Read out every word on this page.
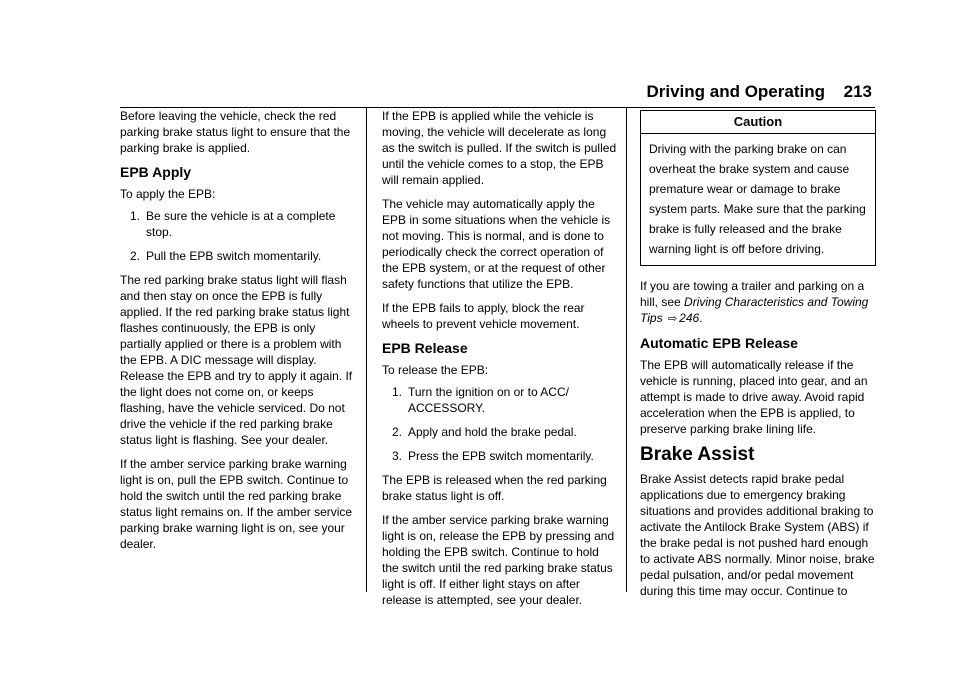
Driving and Operating 213

Before leaving the vehicle, check the red parking brake status light to ensure that the parking brake is applied.

EPB Apply

To apply the EPB:

1. Be sure the vehicle is at a complete stop.
2. Pull the EPB switch momentarily.

The red parking brake status light will flash and then stay on once the EPB is fully applied. If the red parking brake status light flashes continuously, the EPB is only partially applied or there is a problem with the EPB. A DIC message will display. Release the EPB and try to apply it again. If the light does not come on, or keeps flashing, have the vehicle serviced. Do not drive the vehicle if the red parking brake status light is flashing. See your dealer.

If the amber service parking brake warning light is on, pull the EPB switch. Continue to hold the switch until the red parking brake status light remains on. If the amber service parking brake warning light is on, see your dealer.

If the EPB is applied while the vehicle is moving, the vehicle will decelerate as long as the switch is pulled. If the switch is pulled until the vehicle comes to a stop, the EPB will remain applied.

The vehicle may automatically apply the EPB in some situations when the vehicle is not moving. This is normal, and is done to periodically check the correct operation of the EPB system, or at the request of other safety functions that utilize the EPB.

If the EPB fails to apply, block the rear wheels to prevent vehicle movement.

EPB Release

To release the EPB:

1. Turn the ignition on or to ACC/ ACCESSORY.
2. Apply and hold the brake pedal.
3. Press the EPB switch momentarily.

The EPB is released when the red parking brake status light is off.

If the amber service parking brake warning light is on, release the EPB by pressing and holding the EPB switch. Continue to hold the switch until the red parking brake status light is off. If either light stays on after release is attempted, see your dealer.

Caution
Driving with the parking brake on can overheat the brake system and cause premature wear or damage to brake system parts. Make sure that the parking brake is fully released and the brake warning light is off before driving.

If you are towing a trailer and parking on a hill, see Driving Characteristics and Towing Tips ⇨ 246.

Automatic EPB Release

The EPB will automatically release if the vehicle is running, placed into gear, and an attempt is made to drive away. Avoid rapid acceleration when the EPB is applied, to preserve parking brake lining life.

Brake Assist

Brake Assist detects rapid brake pedal applications due to emergency braking situations and provides additional braking to activate the Antilock Brake System (ABS) if the brake pedal is not pushed hard enough to activate ABS normally. Minor noise, brake pedal pulsation, and/or pedal movement during this time may occur. Continue to
